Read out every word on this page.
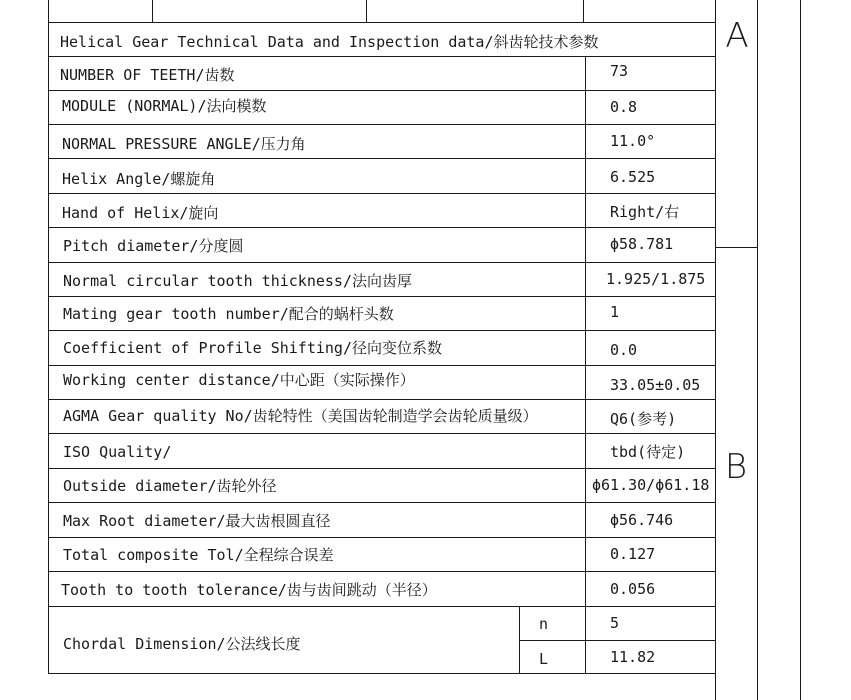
A
B
Helical Gear Technical Data and Inspection data/斜齿轮技术参数
NUMBER OF TEETH/齿数	73
MODULE (NORMAL)/法向模数	0.8
NORMAL PRESSURE ANGLE/压力角	11.0°
Helix Angle/螺旋角	6.525
Hand of Helix/旋向	Right/右
Pitch diameter/分度圆	ϕ58.781
Normal circular tooth thickness/法向齿厚	1.925/1.875
Mating gear tooth number/配合的蜗杆头数	1
Coefficient of Profile Shifting/径向变位系数	0.0
Working center distance/中心距（实际操作）	33.05±0.05
AGMA Gear quality No/齿轮特性（美国齿轮制造学会齿轮质量级）	Q6(参考)
ISO Quality/	tbd(待定)
Outside diameter/齿轮外径	ϕ61.30/ϕ61.18
Max Root diameter/最大齿根圆直径	ϕ56.746
Total composite Tol/全程综合误差	0.127
Tooth to tooth tolerance/齿与齿间跳动（半径）	0.056
Chordal Dimension/公法线长度
n	5
L	11.82
